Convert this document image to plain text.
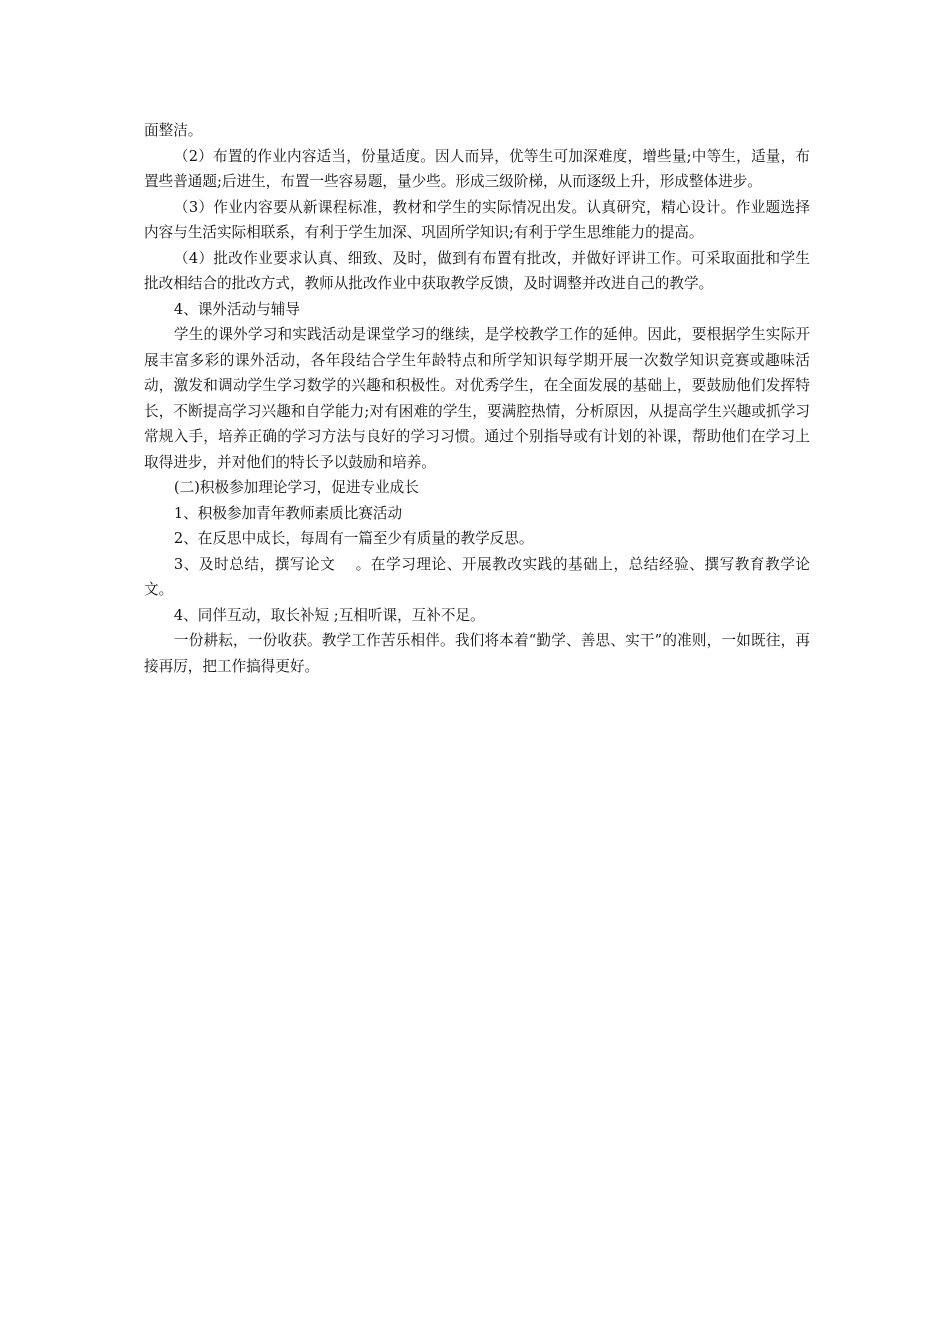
面整洁。

（2）布置的作业内容适当，份量适度。因人而异，优等生可加深难度，增些量;中等生，适量，布置些普通题;后进生，布置一些容易题，量少些。形成三级阶梯，从而逐级上升，形成整体进步。

（3）作业内容要从新课程标准，教材和学生的实际情况出发。认真研究，精心设计。作业题选择内容与生活实际相联系，有利于学生加深、巩固所学知识;有利于学生思维能力的提高。

（4）批改作业要求认真、细致、及时，做到有布置有批改，并做好评讲工作。可采取面批和学生批改相结合的批改方式，教师从批改作业中获取教学反馈，及时调整并改进自己的教学。

4、课外活动与辅导

学生的课外学习和实践活动是课堂学习的继续，是学校教学工作的延伸。因此，要根据学生实际开展丰富多彩的课外活动，各年段结合学生年龄特点和所学知识每学期开展一次数学知识竞赛或趣味活动，激发和调动学生学习数学的兴趣和积极性。对优秀学生，在全面发展的基础上，要鼓励他们发挥特长，不断提高学习兴趣和自学能力;对有困难的学生，要满腔热情，分析原因，从提高学生兴趣或抓学习常规入手，培养正确的学习方法与良好的学习习惯。通过个别指导或有计划的补课，帮助他们在学习上取得进步，并对他们的特长予以鼓励和培养。

(二)积极参加理论学习，促进专业成长

1、积极参加青年教师素质比赛活动

2、在反思中成长，每周有一篇至少有质量的教学反思。

3、及时总结，撰写论文 　。在学习理论、开展教改实践的基础上，总结经验、撰写教育教学论文。

4、同伴互动，取长补短 ;互相听课，互补不足。

一份耕耘，一份收获。教学工作苦乐相伴。我们将本着“勤学、善思、实干”的准则，一如既往，再接再厉，把工作搞得更好。
